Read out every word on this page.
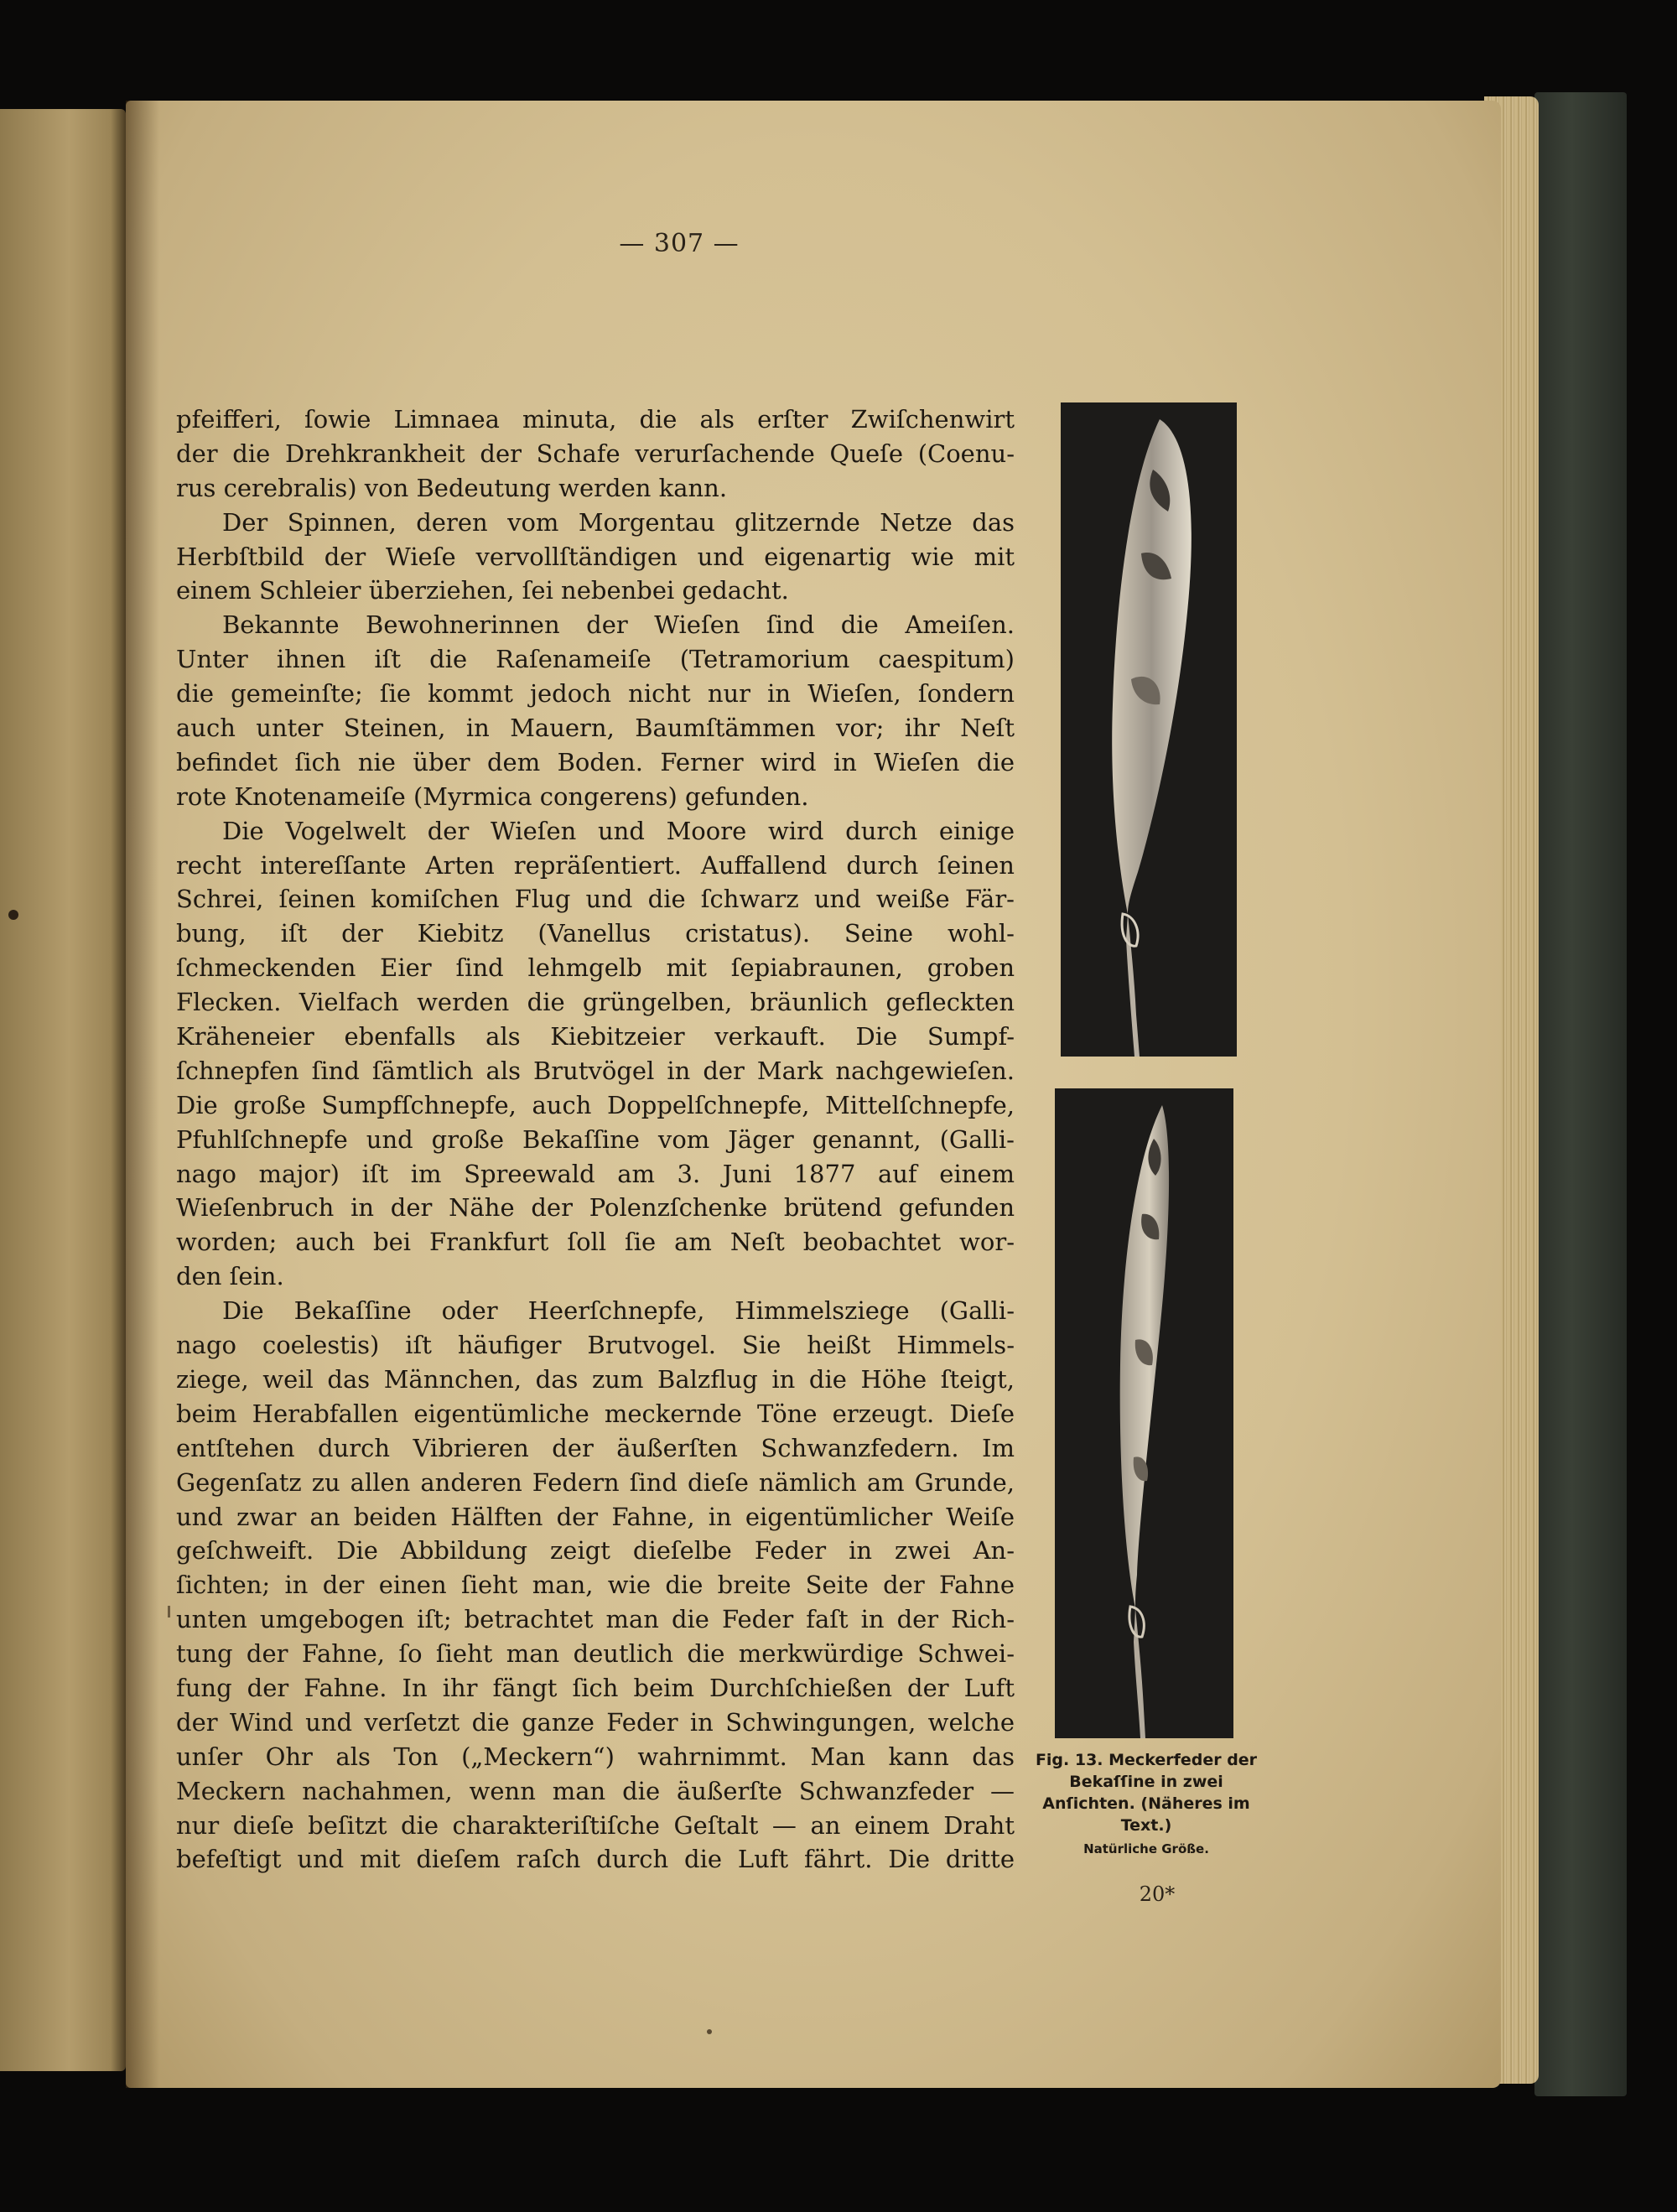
— 307 —
pfeifferi, ſowie Limnaea minuta, die als erſter Zwiſchenwirt
der die Drehkrankheit der Schafe verurſachende Queſe (Coenu-
rus cerebralis) von Bedeutung werden kann.
Der Spinnen, deren vom Morgentau glitzernde Netze das
Herbſtbild der Wieſe vervollſtändigen und eigenartig wie mit
einem Schleier überziehen, ſei nebenbei gedacht.
Bekannte Bewohnerinnen der Wieſen ſind die Ameiſen.
Unter ihnen iſt die Raſenameiſe (Tetramorium caespitum)
die gemeinſte; ſie kommt jedoch nicht nur in Wieſen, ſondern
auch unter Steinen, in Mauern, Baumſtämmen vor; ihr Neſt
befindet ſich nie über dem Boden. Ferner wird in Wieſen die
rote Knotenameiſe (Myrmica congerens) gefunden.
Die Vogelwelt der Wieſen und Moore wird durch einige
recht intereſſante Arten repräſentiert. Auffallend durch ſeinen
Schrei, ſeinen komiſchen Flug und die ſchwarz und weiße Fär-
bung, iſt der Kiebitz (Vanellus cristatus). Seine wohl-
ſchmeckenden Eier ſind lehmgelb mit ſepiabraunen, groben
Flecken. Vielfach werden die grüngelben, bräunlich gefleckten
Kräheneier ebenfalls als Kiebitzeier verkauft. Die Sumpf-
ſchnepfen ſind ſämtlich als Brutvögel in der Mark nachgewieſen.
Die große Sumpfſchnepfe, auch Doppelſchnepfe, Mittelſchnepfe,
Pfuhlſchnepfe und große Bekaſſine vom Jäger genannt, (Galli-
nago major) iſt im Spreewald am 3. Juni 1877 auf einem
Wieſenbruch in der Nähe der Polenzſchenke brütend gefunden
worden; auch bei Frankfurt ſoll ſie am Neſt beobachtet wor-
den ſein.
Die Bekaſſine oder Heerſchnepfe, Himmelsziege (Galli-
nago coelestis) iſt häufiger Brutvogel. Sie heißt Himmels-
ziege, weil das Männchen, das zum Balzflug in die Höhe ſteigt,
beim Herabfallen eigentümliche meckernde Töne erzeugt. Dieſe
entſtehen durch Vibrieren der äußerſten Schwanzfedern. Im
Gegenſatz zu allen anderen Federn ſind dieſe nämlich am Grunde,
und zwar an beiden Hälften der Fahne, in eigentümlicher Weiſe
geſchweift. Die Abbildung zeigt dieſelbe Feder in zwei An-
ſichten; in der einen ſieht man, wie die breite Seite der Fahne
unten umgebogen iſt; betrachtet man die Feder faſt in der Rich-
tung der Fahne, ſo ſieht man deutlich die merkwürdige Schwei-
fung der Fahne. In ihr fängt ſich beim Durchſchießen der Luft
der Wind und verſetzt die ganze Feder in Schwingungen, welche
unſer Ohr als Ton („Meckern“) wahrnimmt. Man kann das
Meckern nachahmen, wenn man die äußerſte Schwanzfeder —
nur dieſe beſitzt die charakteriſtiſche Geſtalt — an einem Draht
befeſtigt und mit dieſem raſch durch die Luft fährt. Die dritte
Fig. 13. Meckerfeder der Bekaſſine in zwei Anſichten. (Näheres im Text.)
Natürliche Größe.
20*
